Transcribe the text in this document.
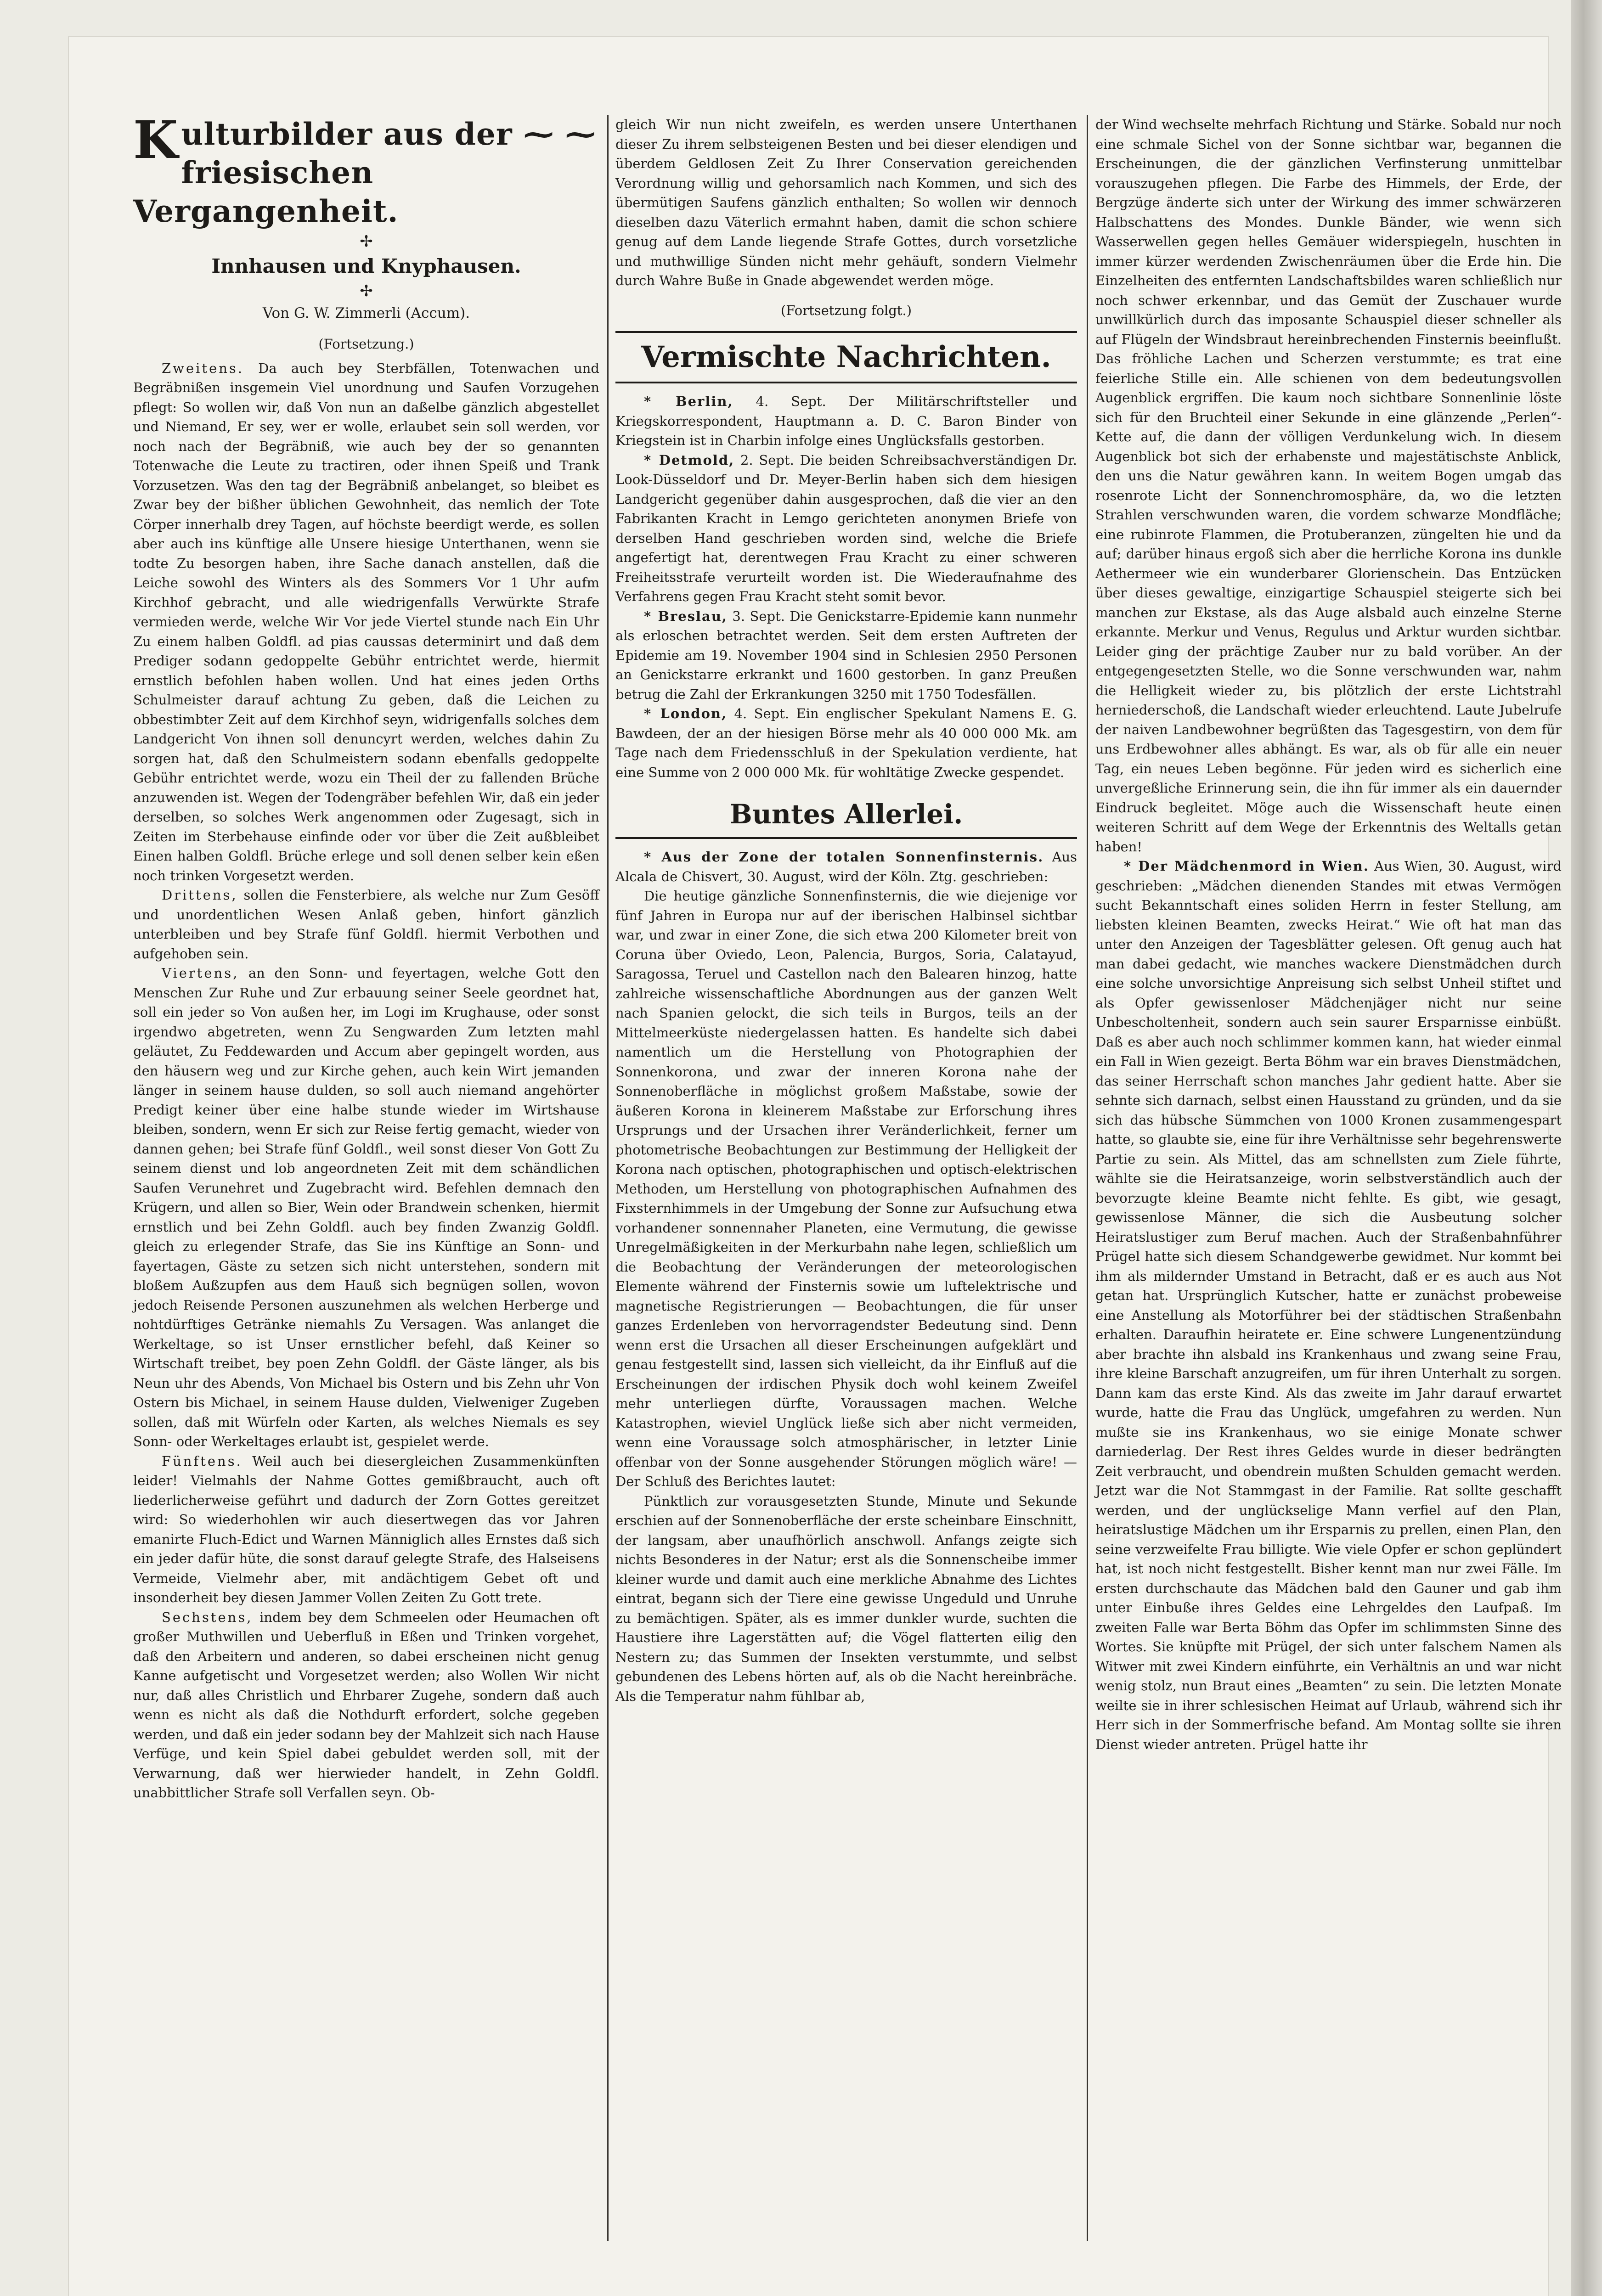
K ulturbilder aus der ⁓ ⁓
friesischen Vergangenheit.

✢

Innhausen und Knyphausen.

✢

Von G. W. Zimmerli (Accum).

(Fortsetzung.)

Zweitens. Da auch bey Sterbfällen, Totenwachen und Begräbnißen insgemein Viel unordnung und Saufen Vorzugehen pflegt: So wollen wir, daß Von nun an daßelbe gänzlich abgestellet und Niemand, Er sey, wer er wolle, erlaubet sein soll werden, vor noch nach der Begräbniß, wie auch bey der so genannten Totenwache die Leute zu tractiren, oder ihnen Speiß und Trank Vorzusetzen. Was den tag der Begräbniß anbelanget, so bleibet es Zwar bey der bißher üblichen Gewohnheit, das nemlich der Tote Cörper innerhalb drey Tagen, auf höchste beerdigt werde, es sollen aber auch ins künftige alle Unsere hiesige Unterthanen, wenn sie todte Zu besorgen haben, ihre Sache danach anstellen, daß die Leiche sowohl des Winters als des Sommers Vor 1 Uhr aufm Kirchhof gebracht, und alle wiedrigenfalls Verwürkte Strafe vermieden werde, welche Wir Vor jede Viertel stunde nach Ein Uhr Zu einem halben Goldfl. ad pias caussas determinirt und daß dem Prediger sodann gedoppelte Gebühr entrichtet werde, hiermit ernstlich befohlen haben wollen. Und hat eines jeden Orths Schulmeister darauf achtung Zu geben, daß die Leichen zu obbestimbter Zeit auf dem Kirchhof seyn, widrigenfalls solches dem Landgericht Von ihnen soll denuncyrt werden, welches dahin Zu sorgen hat, daß den Schulmeistern sodann ebenfalls gedoppelte Gebühr entrichtet werde, wozu ein Theil der zu fallenden Brüche anzuwenden ist. Wegen der Todengräber befehlen Wir, daß ein jeder derselben, so solches Werk angenommen oder Zugesagt, sich in Zeiten im Sterbehause einfinde oder vor über die Zeit außbleibet Einen halben Goldfl. Brüche erlege und soll denen selber kein eßen noch trinken Vorgesetzt werden.

Drittens, sollen die Fensterbiere, als welche nur Zum Gesöff und unordentlichen Wesen Anlaß geben, hinfort gänzlich unterbleiben und bey Strafe fünf Goldfl. hiermit Verbothen und aufgehoben sein.

Viertens, an den Sonn- und feyertagen, welche Gott den Menschen Zur Ruhe und Zur erbauung seiner Seele geordnet hat, soll ein jeder so Von außen her, im Logi im Krughause, oder sonst irgendwo abgetreten, wenn Zu Sengwarden Zum letzten mahl geläutet, Zu Feddewarden und Accum aber gepingelt worden, aus den häusern weg und zur Kirche gehen, auch kein Wirt jemanden länger in seinem hause dulden, so soll auch niemand angehörter Predigt keiner über eine halbe stunde wieder im Wirtshause bleiben, sondern, wenn Er sich zur Reise fertig gemacht, wieder von dannen gehen; bei Strafe fünf Goldfl., weil sonst dieser Von Gott Zu seinem dienst und lob angeordneten Zeit mit dem schändlichen Saufen Verunehret und Zugebracht wird. Befehlen demnach den Krügern, und allen so Bier, Wein oder Brandwein schenken, hiermit ernstlich und bei Zehn Goldfl. auch bey finden Zwanzig Goldfl. gleich zu erlegender Strafe, das Sie ins Künftige an Sonn- und fayertagen, Gäste zu setzen sich nicht unterstehen, sondern mit bloßem Außzupfen aus dem Hauß sich begnügen sollen, wovon jedoch Reisende Personen auszunehmen als welchen Herberge und nohtdürftiges Getränke niemahls Zu Versagen. Was anlanget die Werkeltage, so ist Unser ernstlicher befehl, daß Keiner so Wirtschaft treibet, bey poen Zehn Goldfl. der Gäste länger, als bis Neun uhr des Abends, Von Michael bis Ostern und bis Zehn uhr Von Ostern bis Michael, in seinem Hause dulden, Vielweniger Zugeben sollen, daß mit Würfeln oder Karten, als welches Niemals es sey Sonn- oder Werkeltages erlaubt ist, gespielet werde.

Fünftens. Weil auch bei diesergleichen Zusammenkünften leider! Vielmahls der Nahme Gottes gemißbraucht, auch oft liederlicherweise geführt und dadurch der Zorn Gottes gereitzet wird: So wiederhohlen wir auch diesertwegen das vor Jahren emanirte Fluch-Edict und Warnen Männiglich alles Ernstes daß sich ein jeder dafür hüte, die sonst darauf gelegte Strafe, des Halseisens Vermeide, Vielmehr aber, mit andächtigem Gebet oft und insonderheit bey diesen Jammer Vollen Zeiten Zu Gott trete.

Sechstens, indem bey dem Schmeelen oder Heumachen oft großer Muthwillen und Ueberfluß in Eßen und Trinken vorgehet, daß den Arbeitern und anderen, so dabei erscheinen nicht genug Kanne aufgetischt und Vorgesetzet werden; also Wollen Wir nicht nur, daß alles Christlich und Ehrbarer Zugehe, sondern daß auch wenn es nicht als daß die Nothdurft erfordert, solche gegeben werden, und daß ein jeder sodann bey der Mahlzeit sich nach Hause Verfüge, und kein Spiel dabei gebuldet werden soll, mit der Verwarnung, daß wer hierwieder handelt, in Zehn Goldfl. unabbittlicher Strafe soll Verfallen seyn. Ob-

gleich Wir nun nicht zweifeln, es werden unsere Unterthanen dieser Zu ihrem selbsteigenen Besten und bei dieser elendigen und überdem Geldlosen Zeit Zu Ihrer Conservation gereichenden Verordnung willig und gehorsamlich nach Kommen, und sich des übermütigen Saufens gänzlich enthalten; So wollen wir dennoch dieselben dazu Väterlich ermahnt haben, damit die schon schiere genug auf dem Lande liegende Strafe Gottes, durch vorsetzliche und muthwillige Sünden nicht mehr gehäuft, sondern Vielmehr durch Wahre Buße in Gnade abgewendet werden möge.

(Fortsetzung folgt.)

Vermischte Nachrichten.

* Berlin, 4. Sept. Der Militärschriftsteller und Kriegskorrespondent, Hauptmann a. D. C. Baron Binder von Kriegstein ist in Charbin infolge eines Unglücksfalls gestorben.

* Detmold, 2. Sept. Die beiden Schreibsachverständigen Dr. Look-Düsseldorf und Dr. Meyer-Berlin haben sich dem hiesigen Landgericht gegenüber dahin ausgesprochen, daß die vier an den Fabrikanten Kracht in Lemgo gerichteten anonymen Briefe von derselben Hand geschrieben worden sind, welche die Briefe angefertigt hat, derentwegen Frau Kracht zu einer schweren Freiheitsstrafe verurteilt worden ist. Die Wiederaufnahme des Verfahrens gegen Frau Kracht steht somit bevor.

* Breslau, 3. Sept. Die Genickstarre-Epidemie kann nunmehr als erloschen betrachtet werden. Seit dem ersten Auftreten der Epidemie am 19. November 1904 sind in Schlesien 2950 Personen an Genickstarre erkrankt und 1600 gestorben. In ganz Preußen betrug die Zahl der Erkrankungen 3250 mit 1750 Todesfällen.

* London, 4. Sept. Ein englischer Spekulant Namens E. G. Bawdeen, der an der hiesigen Börse mehr als 40 000 000 Mk. am Tage nach dem Friedensschluß in der Spekulation verdiente, hat eine Summe von 2 000 000 Mk. für wohltätige Zwecke gespendet.

Buntes Allerlei.

* Aus der Zone der totalen Sonnenfinsternis. Aus Alcala de Chisvert, 30. August, wird der Köln. Ztg. geschrieben:

Die heutige gänzliche Sonnenfinsternis, die wie diejenige vor fünf Jahren in Europa nur auf der iberischen Halbinsel sichtbar war, und zwar in einer Zone, die sich etwa 200 Kilometer breit von Coruna über Oviedo, Leon, Palencia, Burgos, Soria, Calatayud, Saragossa, Teruel und Castellon nach den Balearen hinzog, hatte zahlreiche wissenschaftliche Abordnungen aus der ganzen Welt nach Spanien gelockt, die sich teils in Burgos, teils an der Mittelmeerküste niedergelassen hatten. Es handelte sich dabei namentlich um die Herstellung von Photographien der Sonnenkorona, und zwar der inneren Korona nahe der Sonnenoberfläche in möglichst großem Maßstabe, sowie der äußeren Korona in kleinerem Maßstabe zur Erforschung ihres Ursprungs und der Ursachen ihrer Veränderlichkeit, ferner um photometrische Beobachtungen zur Bestimmung der Helligkeit der Korona nach optischen, photographischen und optisch-elektrischen Methoden, um Herstellung von photographischen Aufnahmen des Fixsternhimmels in der Umgebung der Sonne zur Aufsuchung etwa vorhandener sonnennaher Planeten, eine Vermutung, die gewisse Unregelmäßigkeiten in der Merkurbahn nahe legen, schließlich um die Beobachtung der Veränderungen der meteorologischen Elemente während der Finsternis sowie um luftelektrische und magnetische Registrierungen — Beobachtungen, die für unser ganzes Erdenleben von hervorragendster Bedeutung sind. Denn wenn erst die Ursachen all dieser Erscheinungen aufgeklärt und genau festgestellt sind, lassen sich vielleicht, da ihr Einfluß auf die Erscheinungen der irdischen Physik doch wohl keinem Zweifel mehr unterliegen dürfte, Voraussagen machen. Welche Katastrophen, wieviel Unglück ließe sich aber nicht vermeiden, wenn eine Voraussage solch atmosphärischer, in letzter Linie offenbar von der Sonne ausgehender Störungen möglich wäre! — Der Schluß des Berichtes lautet:

Pünktlich zur vorausgesetzten Stunde, Minute und Sekunde erschien auf der Sonnenoberfläche der erste scheinbare Einschnitt, der langsam, aber unaufhörlich anschwoll. Anfangs zeigte sich nichts Besonderes in der Natur; erst als die Sonnenscheibe immer kleiner wurde und damit auch eine merkliche Abnahme des Lichtes eintrat, begann sich der Tiere eine gewisse Ungeduld und Unruhe zu bemächtigen. Später, als es immer dunkler wurde, suchten die Haustiere ihre Lagerstätten auf; die Vögel flatterten eilig den Nestern zu; das Summen der Insekten verstummte, und selbst gebundenen des Lebens hörten auf, als ob die Nacht hereinbräche. Als die Temperatur nahm fühlbar ab,

der Wind wechselte mehrfach Richtung und Stärke. Sobald nur noch eine schmale Sichel von der Sonne sichtbar war, begannen die Erscheinungen, die der gänzlichen Verfinsterung unmittelbar vorauszugehen pflegen. Die Farbe des Himmels, der Erde, der Bergzüge änderte sich unter der Wirkung des immer schwärzeren Halbschattens des Mondes. Dunkle Bänder, wie wenn sich Wasserwellen gegen helles Gemäuer widerspiegeln, huschten in immer kürzer werdenden Zwischenräumen über die Erde hin. Die Einzelheiten des entfernten Landschaftsbildes waren schließlich nur noch schwer erkennbar, und das Gemüt der Zuschauer wurde unwillkürlich durch das imposante Schauspiel dieser schneller als auf Flügeln der Windsbraut hereinbrechenden Finsternis beeinflußt. Das fröhliche Lachen und Scherzen verstummte; es trat eine feierliche Stille ein. Alle schienen von dem bedeutungsvollen Augenblick ergriffen. Die kaum noch sichtbare Sonnenlinie löste sich für den Bruchteil einer Sekunde in eine glänzende „Perlen“-Kette auf, die dann der völligen Verdunkelung wich. In diesem Augenblick bot sich der erhabenste und majestätischste Anblick, den uns die Natur gewähren kann. In weitem Bogen umgab das rosenrote Licht der Sonnenchromosphäre, da, wo die letzten Strahlen verschwunden waren, die vordem schwarze Mondfläche; eine rubinrote Flammen, die Protuberanzen, züngelten hie und da auf; darüber hinaus ergoß sich aber die herrliche Korona ins dunkle Aethermeer wie ein wunderbarer Glorienschein. Das Entzücken über dieses gewaltige, einzigartige Schauspiel steigerte sich bei manchen zur Ekstase, als das Auge alsbald auch einzelne Sterne erkannte. Merkur und Venus, Regulus und Arktur wurden sichtbar. Leider ging der prächtige Zauber nur zu bald vorüber. An der entgegengesetzten Stelle, wo die Sonne verschwunden war, nahm die Helligkeit wieder zu, bis plötzlich der erste Lichtstrahl herniederschoß, die Landschaft wieder erleuchtend. Laute Jubelrufe der naiven Landbewohner begrüßten das Tagesgestirn, von dem für uns Erdbewohner alles abhängt. Es war, als ob für alle ein neuer Tag, ein neues Leben begönne. Für jeden wird es sicherlich eine unvergeßliche Erinnerung sein, die ihn für immer als ein dauernder Eindruck begleitet. Möge auch die Wissenschaft heute einen weiteren Schritt auf dem Wege der Erkenntnis des Weltalls getan haben!

* Der Mädchenmord in Wien. Aus Wien, 30. August, wird geschrieben: „Mädchen dienenden Standes mit etwas Vermögen sucht Bekanntschaft eines soliden Herrn in fester Stellung, am liebsten kleinen Beamten, zwecks Heirat.“ Wie oft hat man das unter den Anzeigen der Tagesblätter gelesen. Oft genug auch hat man dabei gedacht, wie manches wackere Dienstmädchen durch eine solche unvorsichtige Anpreisung sich selbst Unheil stiftet und als Opfer gewissenloser Mädchenjäger nicht nur seine Unbescholtenheit, sondern auch sein saurer Ersparnisse einbüßt. Daß es aber auch noch schlimmer kommen kann, hat wieder einmal ein Fall in Wien gezeigt. Berta Böhm war ein braves Dienstmädchen, das seiner Herrschaft schon manches Jahr gedient hatte. Aber sie sehnte sich darnach, selbst einen Hausstand zu gründen, und da sie sich das hübsche Sümmchen von 1000 Kronen zusammengespart hatte, so glaubte sie, eine für ihre Verhältnisse sehr begehrenswerte Partie zu sein. Als Mittel, das am schnellsten zum Ziele führte, wählte sie die Heiratsanzeige, worin selbstverständlich auch der bevorzugte kleine Beamte nicht fehlte. Es gibt, wie gesagt, gewissenlose Männer, die sich die Ausbeutung solcher Heiratslustiger zum Beruf machen. Auch der Straßenbahnführer Prügel hatte sich diesem Schandgewerbe gewidmet. Nur kommt bei ihm als mildernder Umstand in Betracht, daß er es auch aus Not getan hat. Ursprünglich Kutscher, hatte er zunächst probeweise eine Anstellung als Motorführer bei der städtischen Straßenbahn erhalten. Daraufhin heiratete er. Eine schwere Lungenentzündung aber brachte ihn alsbald ins Krankenhaus und zwang seine Frau, ihre kleine Barschaft anzugreifen, um für ihren Unterhalt zu sorgen. Dann kam das erste Kind. Als das zweite im Jahr darauf erwartet wurde, hatte die Frau das Unglück, umgefahren zu werden. Nun mußte sie ins Krankenhaus, wo sie einige Monate schwer darniederlag. Der Rest ihres Geldes wurde in dieser bedrängten Zeit verbraucht, und obendrein mußten Schulden gemacht werden. Jetzt war die Not Stammgast in der Familie. Rat sollte geschafft werden, und der unglückselige Mann verfiel auf den Plan, heiratslustige Mädchen um ihr Ersparnis zu prellen, einen Plan, den seine verzweifelte Frau billigte. Wie viele Opfer er schon geplündert hat, ist noch nicht festgestellt. Bisher kennt man nur zwei Fälle. Im ersten durchschaute das Mädchen bald den Gauner und gab ihm unter Einbuße ihres Geldes eine Lehrgeldes den Laufpaß. Im zweiten Falle war Berta Böhm das Opfer im schlimmsten Sinne des Wortes. Sie knüpfte mit Prügel, der sich unter falschem Namen als Witwer mit zwei Kindern einführte, ein Verhältnis an und war nicht wenig stolz, nun Braut eines „Beamten“ zu sein. Die letzten Monate weilte sie in ihrer schlesischen Heimat auf Urlaub, während sich ihr Herr sich in der Sommerfrische befand. Am Montag sollte sie ihren Dienst wieder antreten. Prügel hatte ihr
